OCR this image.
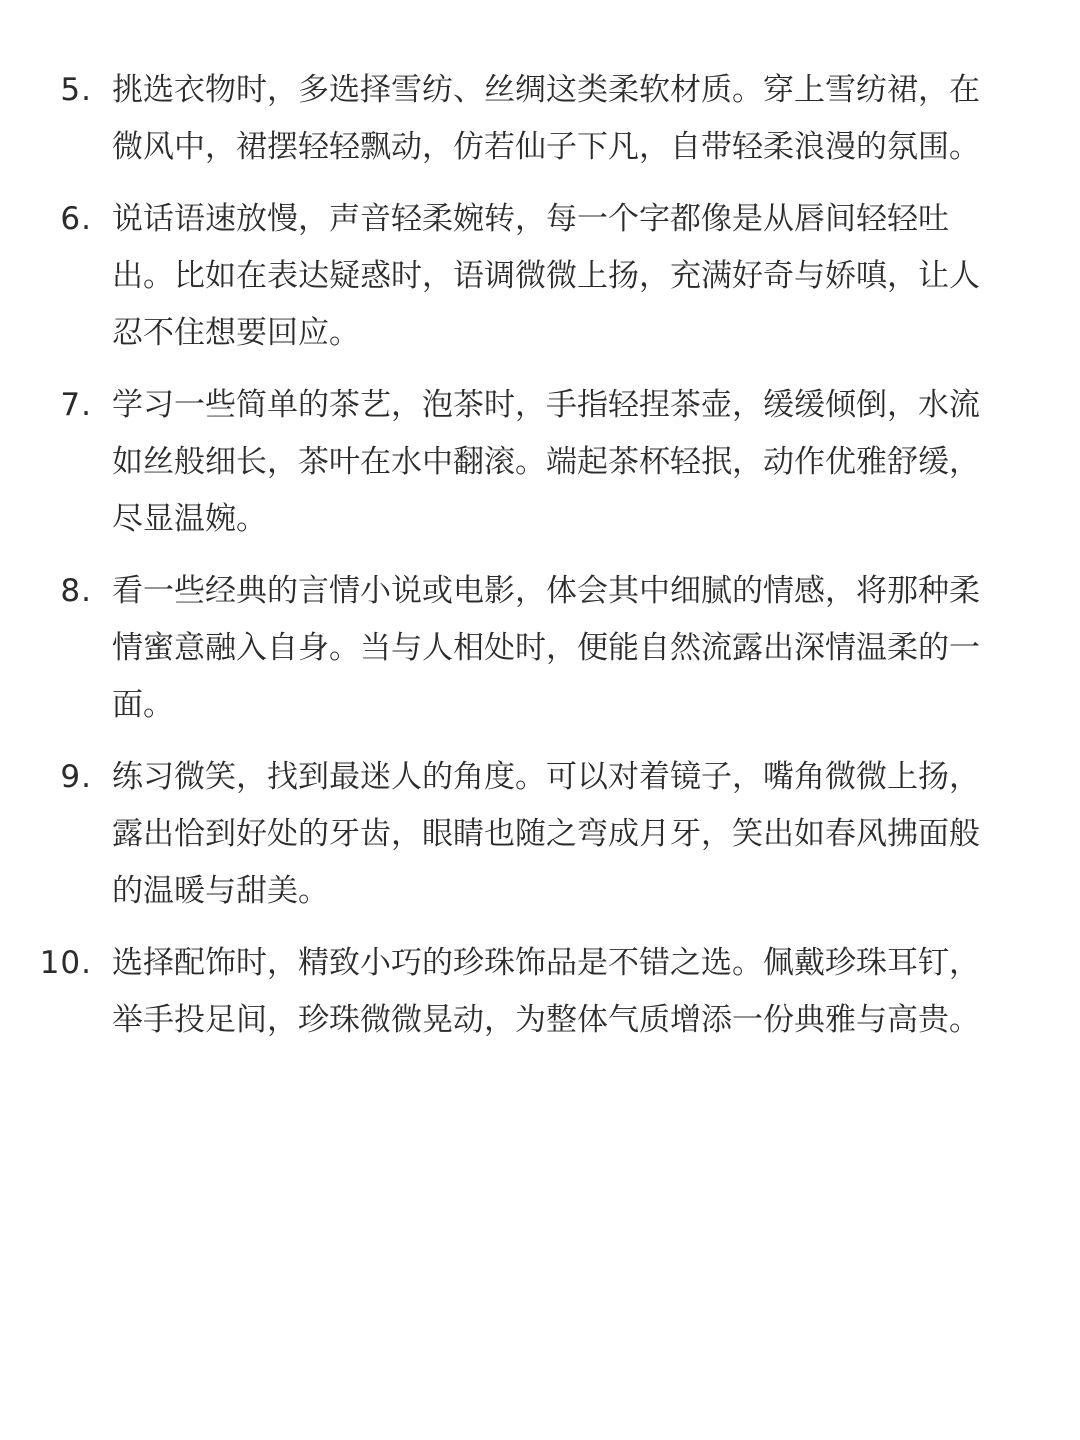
5. 挑选衣物时，多选择雪纺、丝绸这类柔软材质。穿上雪纺裙，在
微风中，裙摆轻轻飘动，仿若仙子下凡，自带轻柔浪漫的氛围。
6. 说话语速放慢，声音轻柔婉转，每一个字都像是从唇间轻轻吐
出。比如在表达疑惑时，语调微微上扬，充满好奇与娇嗔，让人
忍不住想要回应。
7. 学习一些简单的茶艺，泡茶时，手指轻捏茶壶，缓缓倾倒，水流
如丝般细长，茶叶在水中翻滚。端起茶杯轻抿，动作优雅舒缓，
尽显温婉。
8. 看一些经典的言情小说或电影，体会其中细腻的情感，将那种柔
情蜜意融入自身。当与人相处时，便能自然流露出深情温柔的一
面。
9. 练习微笑，找到最迷人的角度。可以对着镜子，嘴角微微上扬，
露出恰到好处的牙齿，眼睛也随之弯成月牙，笑出如春风拂面般
的温暖与甜美。
10. 选择配饰时，精致小巧的珍珠饰品是不错之选。佩戴珍珠耳钉，
举手投足间，珍珠微微晃动，为整体气质增添一份典雅与高贵。
